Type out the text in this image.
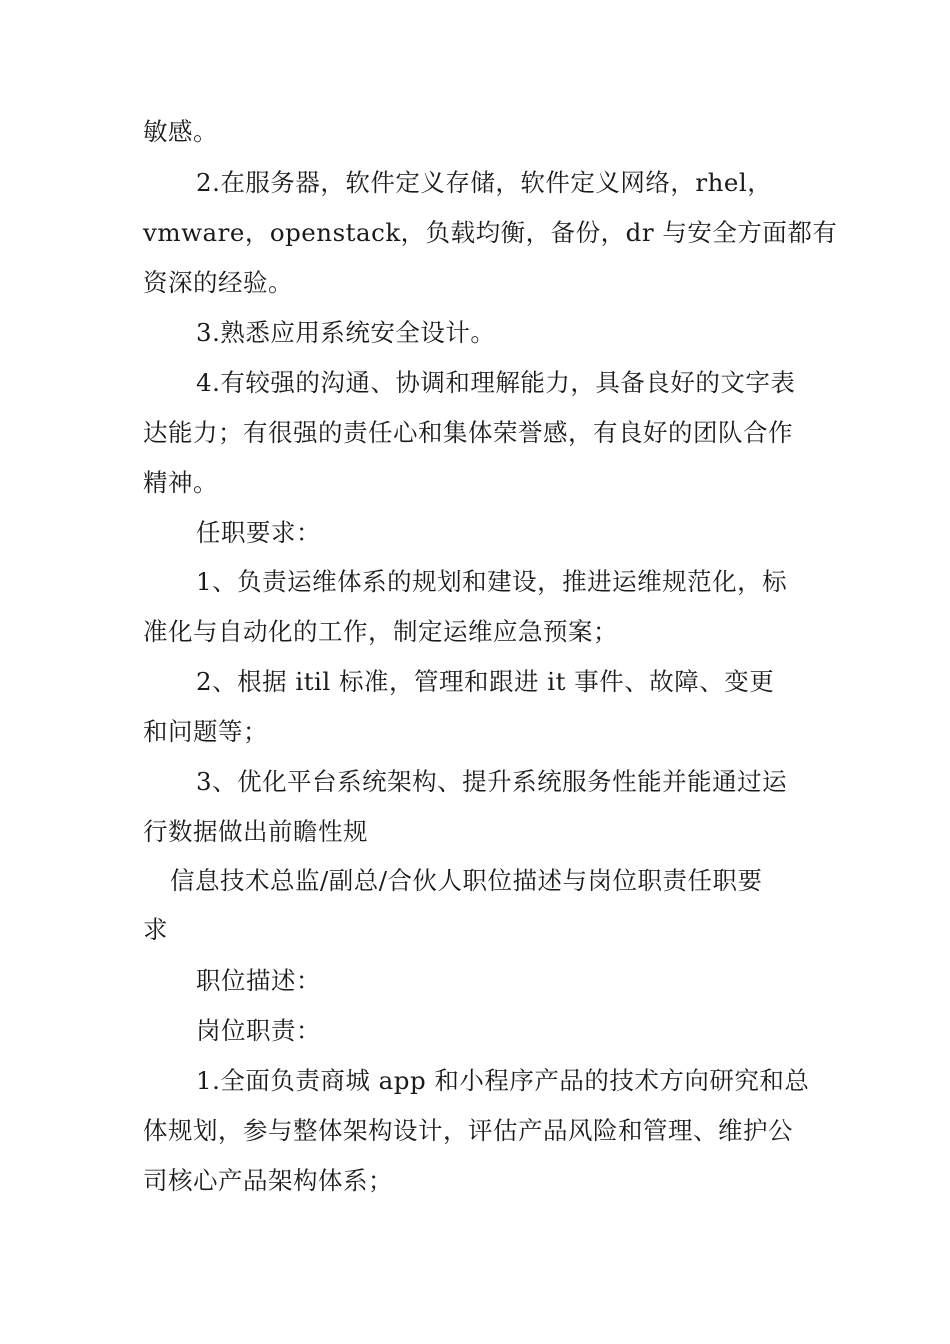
敏感。
2.在服务器，软件定义存储，软件定义网络，rhel，
vmware，openstack，负载均衡，备份，dr 与安全方面都有
资深的经验。
3.熟悉应用系统安全设计。
4.有较强的沟通、协调和理解能力，具备良好的文字表
达能力；有很强的责任心和集体荣誉感，有良好的团队合作
精神。
任职要求：
1、负责运维体系的规划和建设，推进运维规范化，标
准化与自动化的工作，制定运维应急预案；
2、根据 itil 标准，管理和跟进 it 事件、故障、变更
和问题等；
3、优化平台系统架构、提升系统服务性能并能通过运
行数据做出前瞻性规
信息技术总监/副总/合伙人职位描述与岗位职责任职要
求
职位描述：
岗位职责：
1.全面负责商城 app 和小程序产品的技术方向研究和总
体规划，参与整体架构设计，评估产品风险和管理、维护公
司核心产品架构体系；
